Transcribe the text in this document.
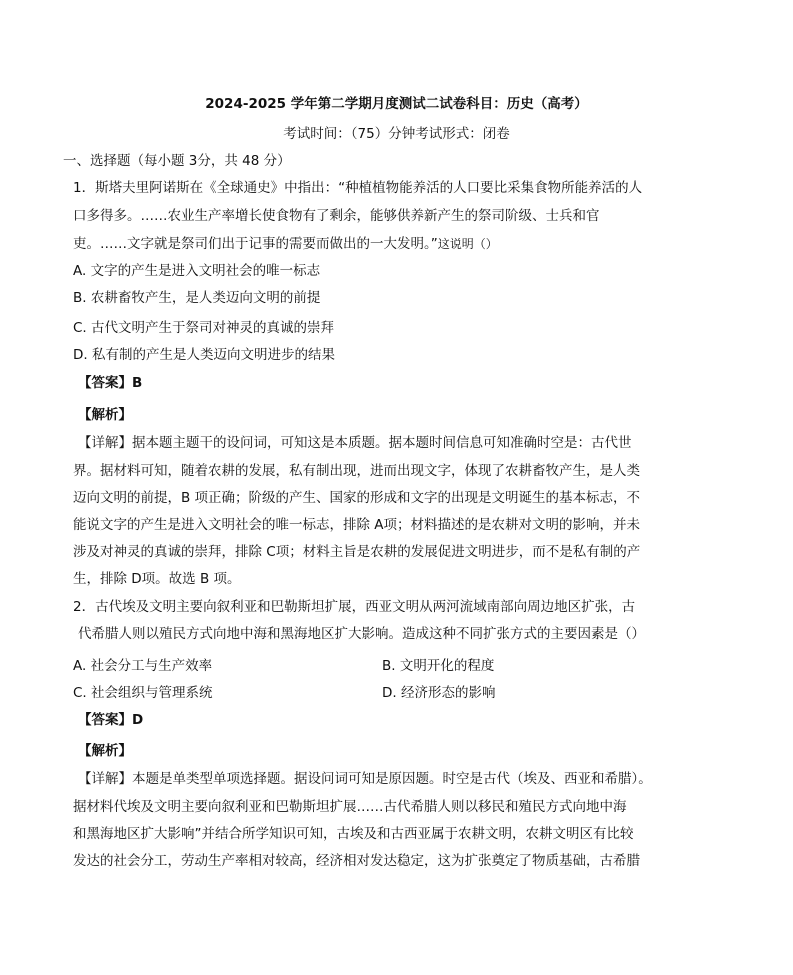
2024-2025 学年第二学期月度测试二试卷科目：历史（高考）
考试时间：（75）分钟考试形式：闭卷
一、选择题（每小题 3分，共 48 分）
1．斯塔夫里阿诺斯在《全球通史》中指出：“种植植物能养活的人口要比采集食物所能养活的人
口多得多。……农业生产率增长使食物有了剩余，能够供养新产生的祭司阶级、士兵和官
吏。……文字就是祭司们出于记事的需要而做出的一大发明。”这说明（）
A. 文字的产生是进入文明社会的唯一标志
B. 农耕畜牧产生，是人类迈向文明的前提
C. 古代文明产生于祭司对神灵的真诚的崇拜
D. 私有制的产生是人类迈向文明进步的结果
【答案】B
【解析】
【详解】据本题主题干的设问词，可知这是本质题。据本题时间信息可知准确时空是：古代世
界。据材料可知，随着农耕的发展，私有制出现，进而出现文字，体现了农耕畜牧产生，是人类
迈向文明的前提，B 项正确；阶级的产生、国家的形成和文字的出现是文明诞生的基本标志，不
能说文字的产生是进入文明社会的唯一标志，排除 A项；材料描述的是农耕对文明的影响，并未
涉及对神灵的真诚的崇拜，排除 C项；材料主旨是农耕的发展促进文明进步，而不是私有制的产
生，排除 D项。故选 B 项。
2．古代埃及文明主要向叙利亚和巴勒斯坦扩展，西亚文明从两河流域南部向周边地区扩张，古
代希腊人则以殖民方式向地中海和黑海地区扩大影响。造成这种不同扩张方式的主要因素是（）
A. 社会分工与生产效率	B. 文明开化的程度
C. 社会组织与管理系统	D. 经济形态的影响
【答案】D
【解析】
【详解】本题是单类型单项选择题。据设问词可知是原因题。时空是古代（埃及、西亚和希腊）。
据材料代埃及文明主要向叙利亚和巴勒斯坦扩展……古代希腊人则以移民和殖民方式向地中海
和黑海地区扩大影响”并结合所学知识可知，古埃及和古西亚属于农耕文明，农耕文明区有比较
发达的社会分工，劳动生产率相对较高，经济相对发达稳定，这为扩张奠定了物质基础，古希腊
